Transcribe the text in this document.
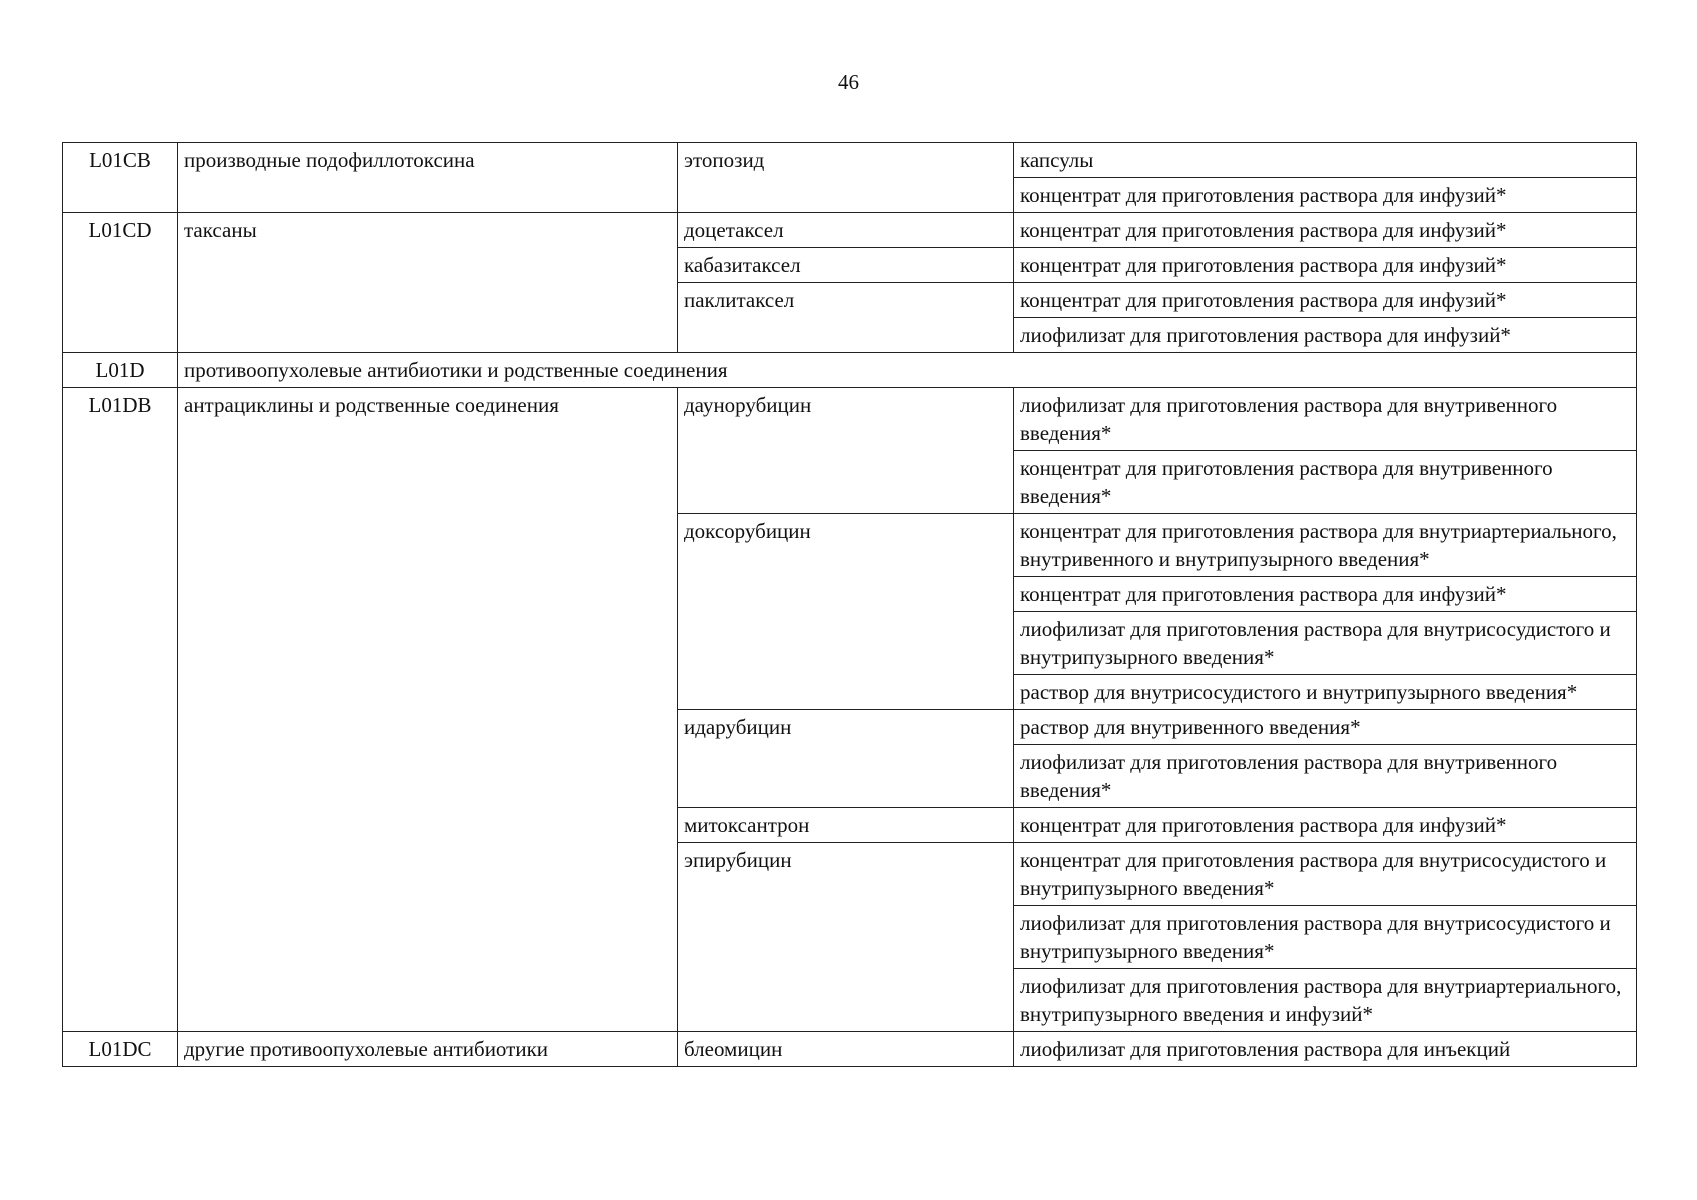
46
L01CB	производные подофиллотоксина	этопозид	капсулы
			концентрат для приготовления раствора для инфузий*
L01CD	таксаны	доцетаксел	концентрат для приготовления раствора для инфузий*
		кабазитаксел	концентрат для приготовления раствора для инфузий*
		паклитаксел	концентрат для приготовления раствора для инфузий*
			лиофилизат для приготовления раствора для инфузий*
L01D	противоопухолевые антибиотики и родственные соединения		
L01DB	антрациклины и родственные соединения	даунорубицин	лиофилизат для приготовления раствора для внутривенного введения*
			концентрат для приготовления раствора для внутривенного введения*
		доксорубицин	концентрат для приготовления раствора для внутриартериального, внутривенного и внутрипузырного введения*
			концентрат для приготовления раствора для инфузий*
			лиофилизат для приготовления раствора для внутрисосудистого и внутрипузырного введения*
			раствор для внутрисосудистого и внутрипузырного введения*
		идарубицин	раствор для внутривенного введения*
			лиофилизат для приготовления раствора для внутривенного введения*
		митоксантрон	концентрат для приготовления раствора для инфузий*
		эпирубицин	концентрат для приготовления раствора для внутрисосудистого и внутрипузырного введения*
			лиофилизат для приготовления раствора для внутрисосудистого и внутрипузырного введения*
			лиофилизат для приготовления раствора для внутриартериального, внутрипузырного введения и инфузий*
L01DC	другие противоопухолевые антибиотики	блеомицин	лиофилизат для приготовления раствора для инъекций
